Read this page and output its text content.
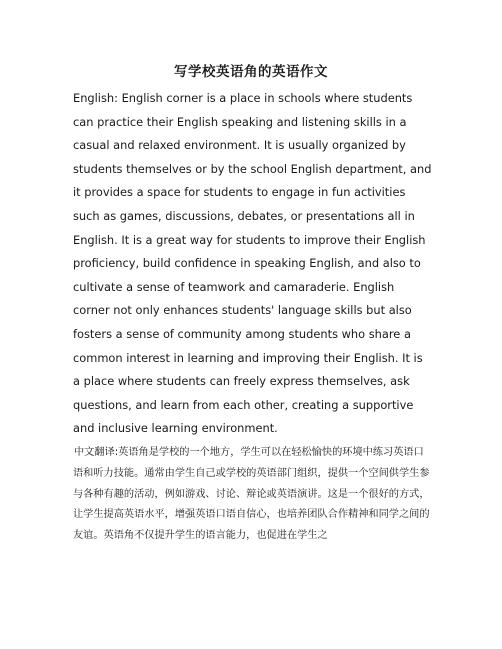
写学校英语角的英语作文

English: English corner is a place in schools where students can practice their English speaking and listening skills in a casual and relaxed environment. It is usually organized by students themselves or by the school English department, and it provides a space for students to engage in fun activities such as games, discussions, debates, or presentations all in English. It is a great way for students to improve their English proficiency, build confidence in speaking English, and also to cultivate a sense of teamwork and camaraderie. English corner not only enhances students' language skills but also fosters a sense of community among students who share a common interest in learning and improving their English. It is a place where students can freely express themselves, ask questions, and learn from each other, creating a supportive and inclusive learning environment.

中文翻译:英语角是学校的一个地方，学生可以在轻松愉快的环境中练习英语口语和听力技能。通常由学生自己或学校的英语部门组织，提供一个空间供学生参与各种有趣的活动，例如游戏、讨论、辩论或英语演讲。这是一个很好的方式，让学生提高英语水平，增强英语口语自信心，也培养团队合作精神和同学之间的友谊。英语角不仅提升学生的语言能力，也促进在学生之
